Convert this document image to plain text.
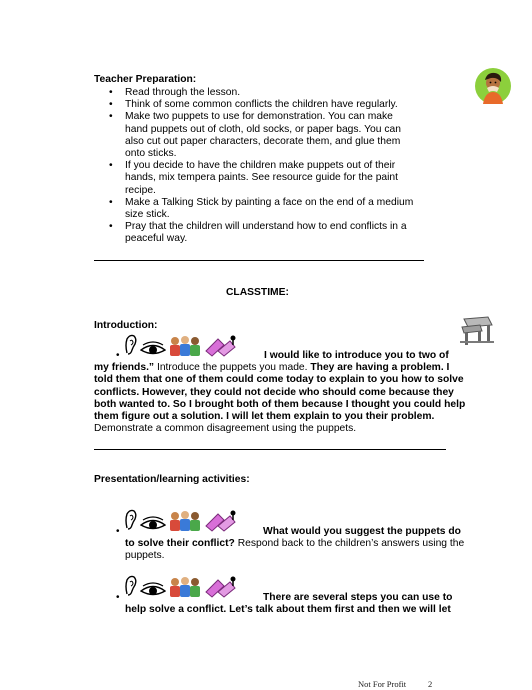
Teacher Preparation:
• Read through the lesson.
• Think of some common conflicts the children have regularly.
• Make two puppets to use for demonstration. You can make hand puppets out of cloth, old socks, or paper bags. You can also cut out paper characters, decorate them, and glue them onto sticks.
• If you decide to have the children make puppets out of their hands, mix tempera paints. See resource guide for the paint recipe.
• Make a Talking Stick by painting a face on the end of a medium size stick.
• Pray that the children will understand how to end conflicts in a peaceful way.
CLASSTIME:
Introduction:
•	I would like to introduce you to two of my friends.” Introduce the puppets you made. They are having a problem. I told them that one of them could come today to explain to you how to solve conflicts. However, they could not decide who should come because they both wanted to. So I brought both of them because I thought you could help them figure out a solution. I will let them explain to you their problem. Demonstrate a common disagreement using the puppets.
Presentation/learning activities:
•	What would you suggest the puppets do to solve their conflict? Respond back to the children’s answers using the puppets.
•	There are several steps you can use to help solve a conflict. Let’s talk about them first and then we will let
Not For Profit	2
